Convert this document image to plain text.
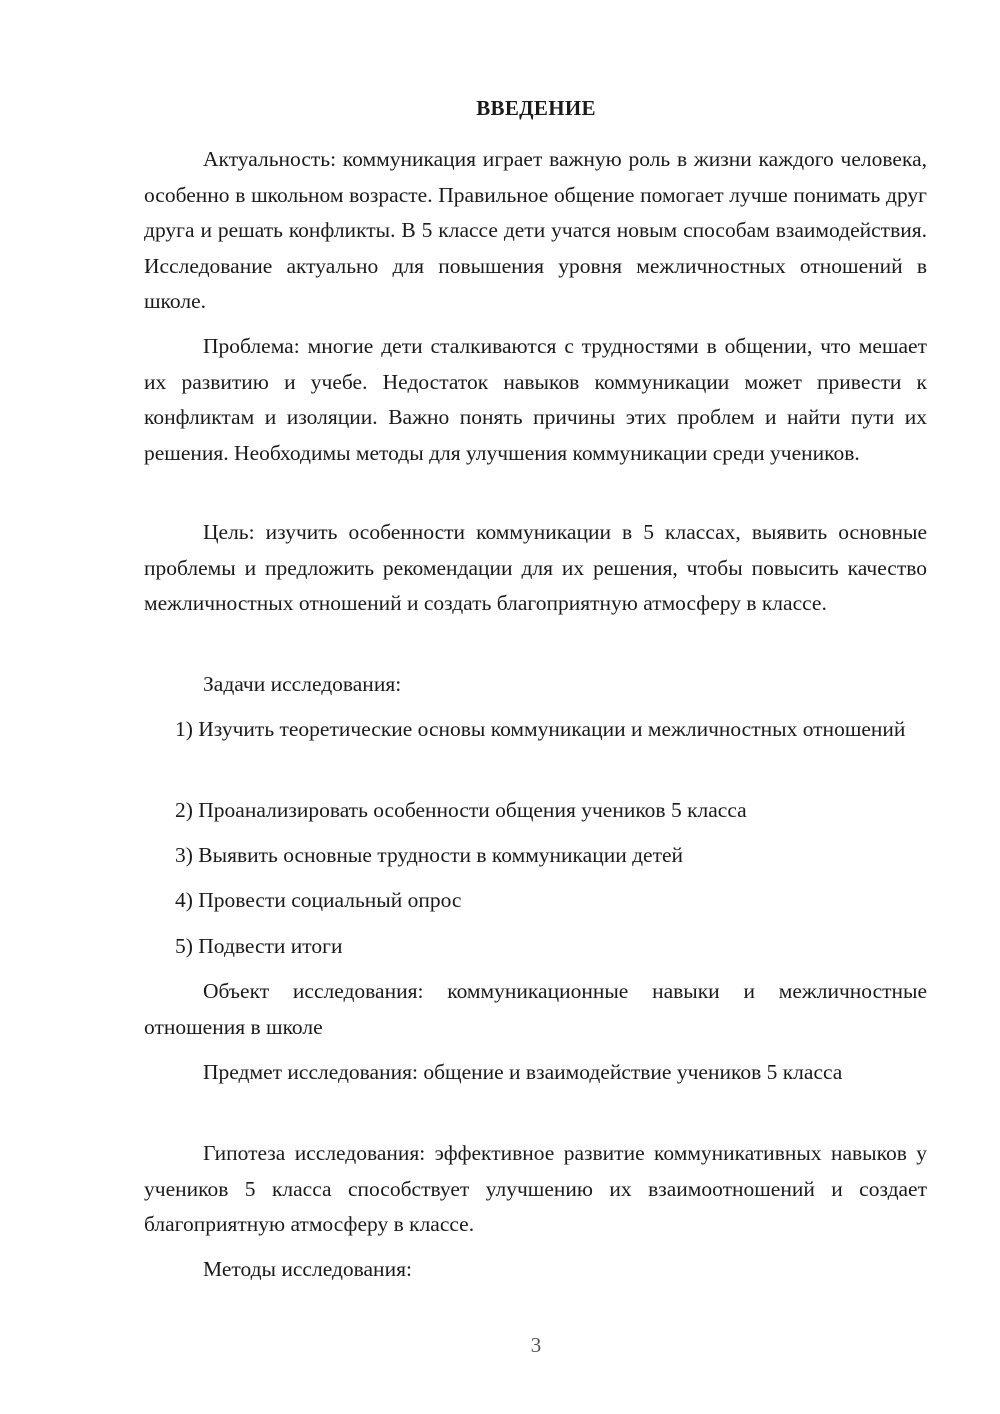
ВВЕДЕНИЕ

Актуальность: коммуникация играет важную роль в жизни каждого человека, особенно в школьном возрасте. Правильное общение помогает лучше понимать друг друга и решать конфликты. В 5 классе дети учатся новым способам взаимодействия. Исследование актуально для повышения уровня межличностных отношений в школе.

Проблема: многие дети сталкиваются с трудностями в общении, что мешает их развитию и учебе. Недостаток навыков коммуникации может привести к конфликтам и изоляции. Важно понять причины этих проблем и найти пути их решения. Необходимы методы для улучшения коммуникации среди учеников.

Цель: изучить особенности коммуникации в 5 классах, выявить основные проблемы и предложить рекомендации для их решения, чтобы повысить качество межличностных отношений и создать благоприятную атмосферу в классе.

Задачи исследования:

1) Изучить теоретические основы коммуникации и межличностных отношений

2) Проанализировать особенности общения учеников 5 класса

3) Выявить основные трудности в коммуникации детей

4) Провести социальный опрос

5) Подвести итоги

Объект исследования: коммуникационные навыки и межличностные отношения в школе

Предмет исследования: общение и взаимодействие учеников 5 класса

Гипотеза исследования: эффективное развитие коммуникативных навыков у учеников 5 класса способствует улучшению их взаимоотношений и создает благоприятную атмосферу в классе.

Методы исследования:

3
